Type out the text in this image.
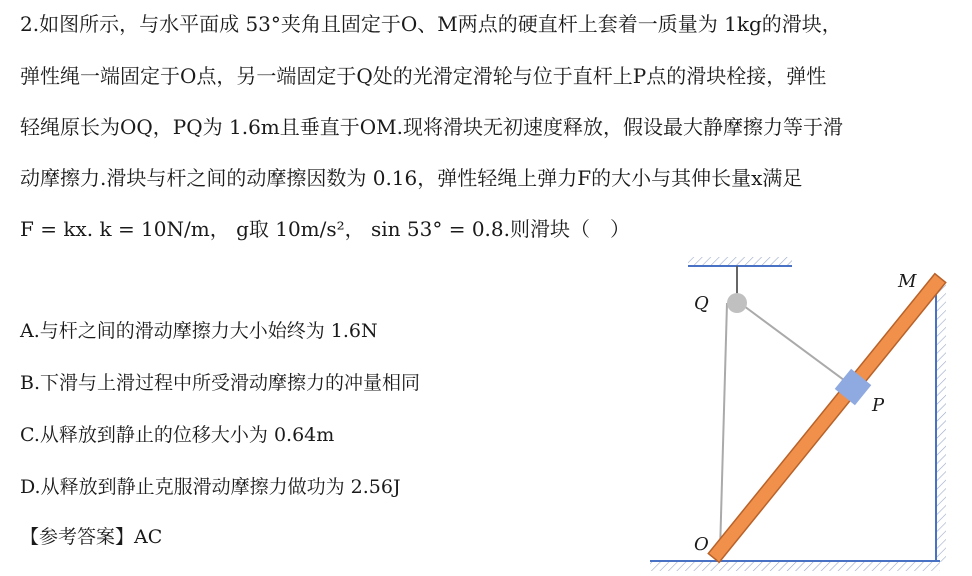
2.如图所示，与水平面成 53°夹角且固定于O、M两点的硬直杆上套着一质量为 1kg的滑块，
弹性绳一端固定于O点，另一端固定于Q处的光滑定滑轮与位于直杆上P点的滑块栓接，弹性
轻绳原长为OQ，PQ为 1.6m且垂直于OM.现将滑块无初速度释放，假设最大静摩擦力等于滑
动摩擦力.滑块与杆之间的动摩擦因数为 0.16，弹性轻绳上弹力F的大小与其伸长量x满足
F = kx. k = 10N/m， g取 10m/s²， sin 53° = 0.8.则滑块（　）
A.与杆之间的滑动摩擦力大小始终为 1.6N
B.下滑与上滑过程中所受滑动摩擦力的冲量相同
C.从释放到静止的位移大小为 0.64m
D.从释放到静止克服滑动摩擦力做功为 2.56J
【参考答案】AC
Q
M
P
O
